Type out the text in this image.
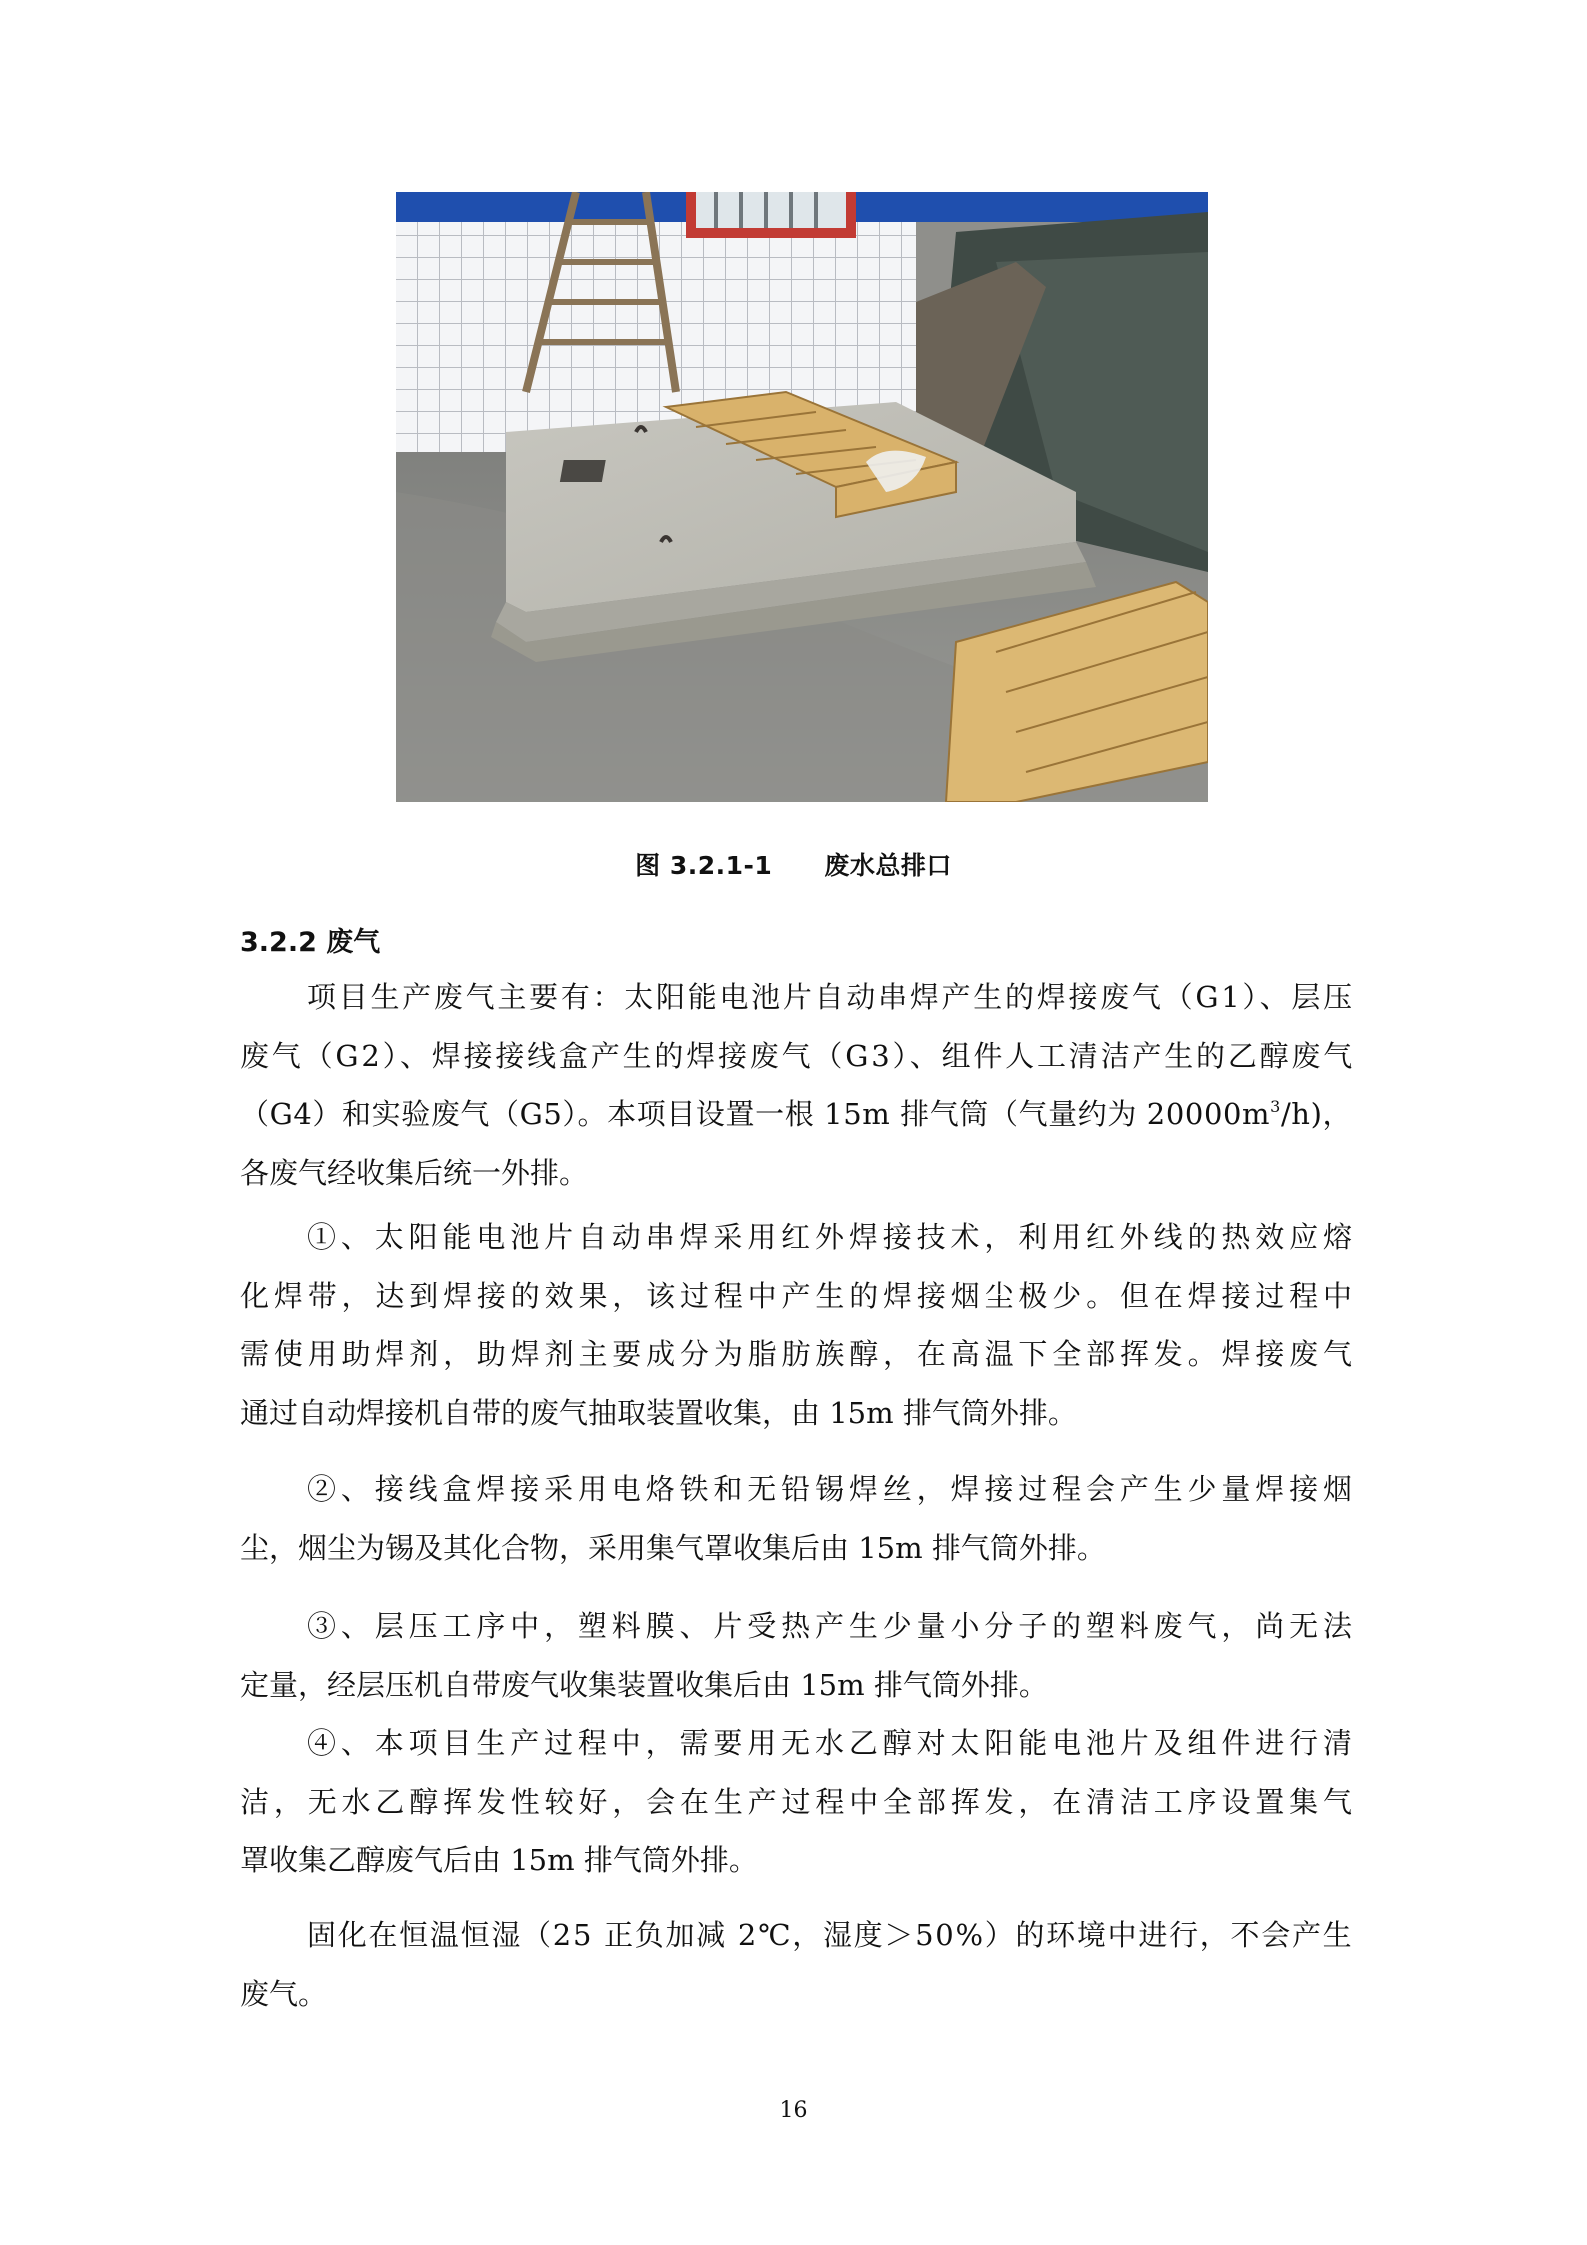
图 3.2.1-1 废水总排口
3.2.2 废气
项目生产废气主要有：太阳能电池片自动串焊产生的焊接废气（G1）、层压
废气（G2）、焊接接线盒产生的焊接废气（G3）、组件人工清洁产生的乙醇废气
（G4）和实验废气（G5）。本项目设置一根 15m 排气筒（气量约为 $20000m^3/h$)，
各废气经收集后统一外排。
①、太阳能电池片自动串焊采用红外焊接技术，利用红外线的热效应熔
化焊带，达到焊接的效果，该过程中产生的焊接烟尘极少。但在焊接过程中
需使用助焊剂，助焊剂主要成分为脂肪族醇，在高温下全部挥发。焊接废气
通过自动焊接机自带的废气抽取装置收集，由 15m 排气筒外排。
②、接线盒焊接采用电烙铁和无铅锡焊丝，焊接过程会产生少量焊接烟
尘，烟尘为锡及其化合物，采用集气罩收集后由 15m 排气筒外排。
③、层压工序中，塑料膜、片受热产生少量小分子的塑料废气，尚无法
定量，经层压机自带废气收集装置收集后由 15m 排气筒外排。
④、本项目生产过程中，需要用无水乙醇对太阳能电池片及组件进行清
洁，无水乙醇挥发性较好，会在生产过程中全部挥发，在清洁工序设置集气
罩收集乙醇废气后由 15m 排气筒外排。
固化在恒温恒湿（25 正负加减 2℃，湿度＞50%）的环境中进行，不会产生
废气。
16
